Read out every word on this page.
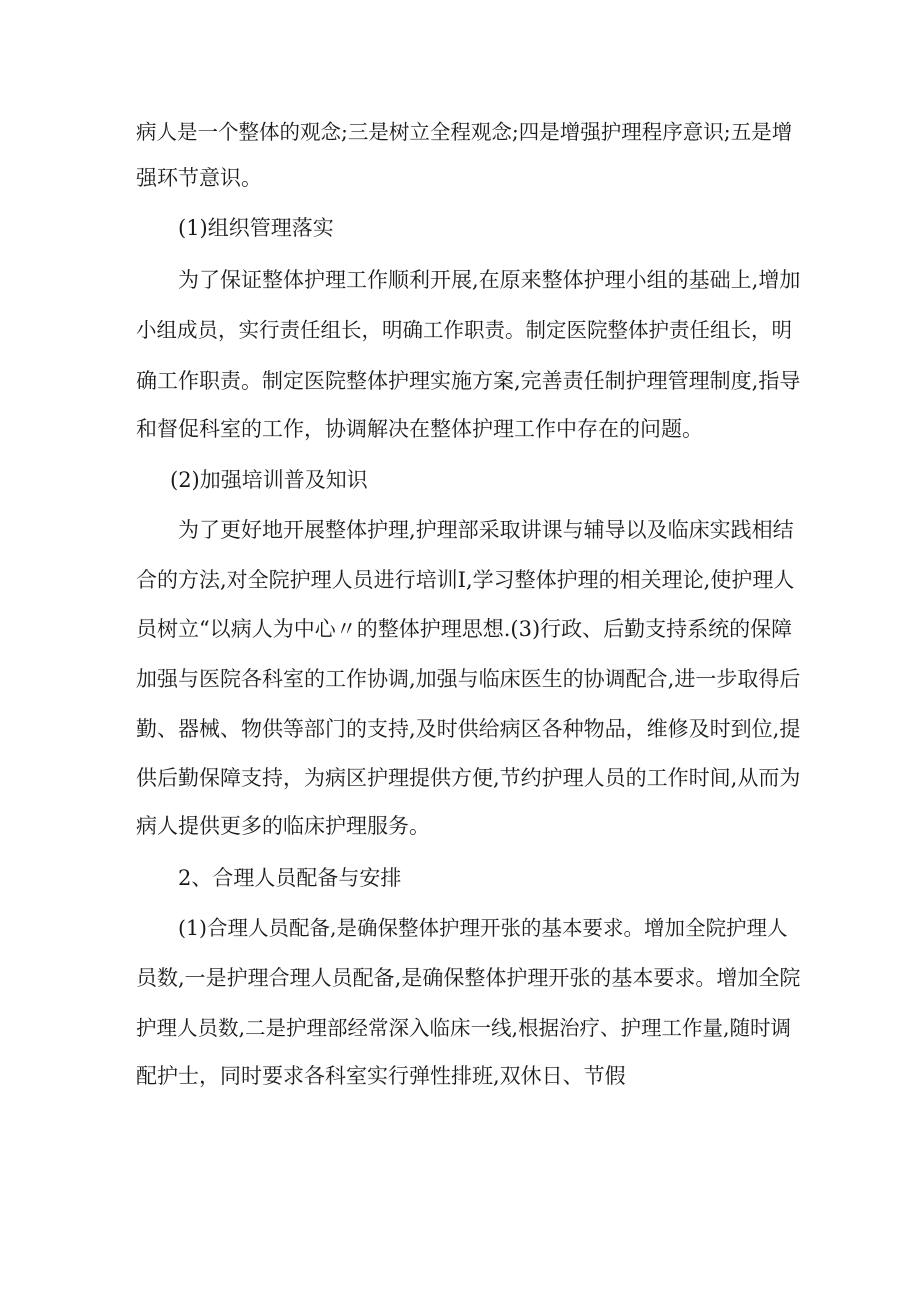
病人是一个整体的观念;三是树立全程观念;四是增强护理程序意识;五是增
强环节意识。
(1)组织管理落实
为了保证整体护理工作顺利开展,在原来整体护理小组的基础上,增加
小组成员，实行责任组长，明确工作职责。制定医院整体护责任组长，明
确工作职责。制定医院整体护理实施方案,完善责任制护理管理制度,指导
和督促科室的工作，协调解决在整体护理工作中存在的问题。
(2)加强培训普及知识
为了更好地开展整体护理,护理部采取讲课与辅导以及临床实践相结
合的方法,对全院护理人员进行培训I,学习整体护理的相关理论,使护理人
员树立“以病人为中心〃的整体护理思想.(3)行政、后勤支持系统的保障
加强与医院各科室的工作协调,加强与临床医生的协调配合,进一步取得后
勤、器械、物供等部门的支持,及时供给病区各种物品，维修及时到位,提
供后勤保障支持，为病区护理提供方便,节约护理人员的工作时间,从而为
病人提供更多的临床护理服务。
2、合理人员配备与安排
(1)合理人员配备,是确保整体护理开张的基本要求。增加全院护理人
员数,一是护理合理人员配备,是确保整体护理开张的基本要求。增加全院
护理人员数,二是护理部经常深入临床一线,根据治疗、护理工作量,随时调
配护士，同时要求各科室实行弹性排班,双休日、节假
